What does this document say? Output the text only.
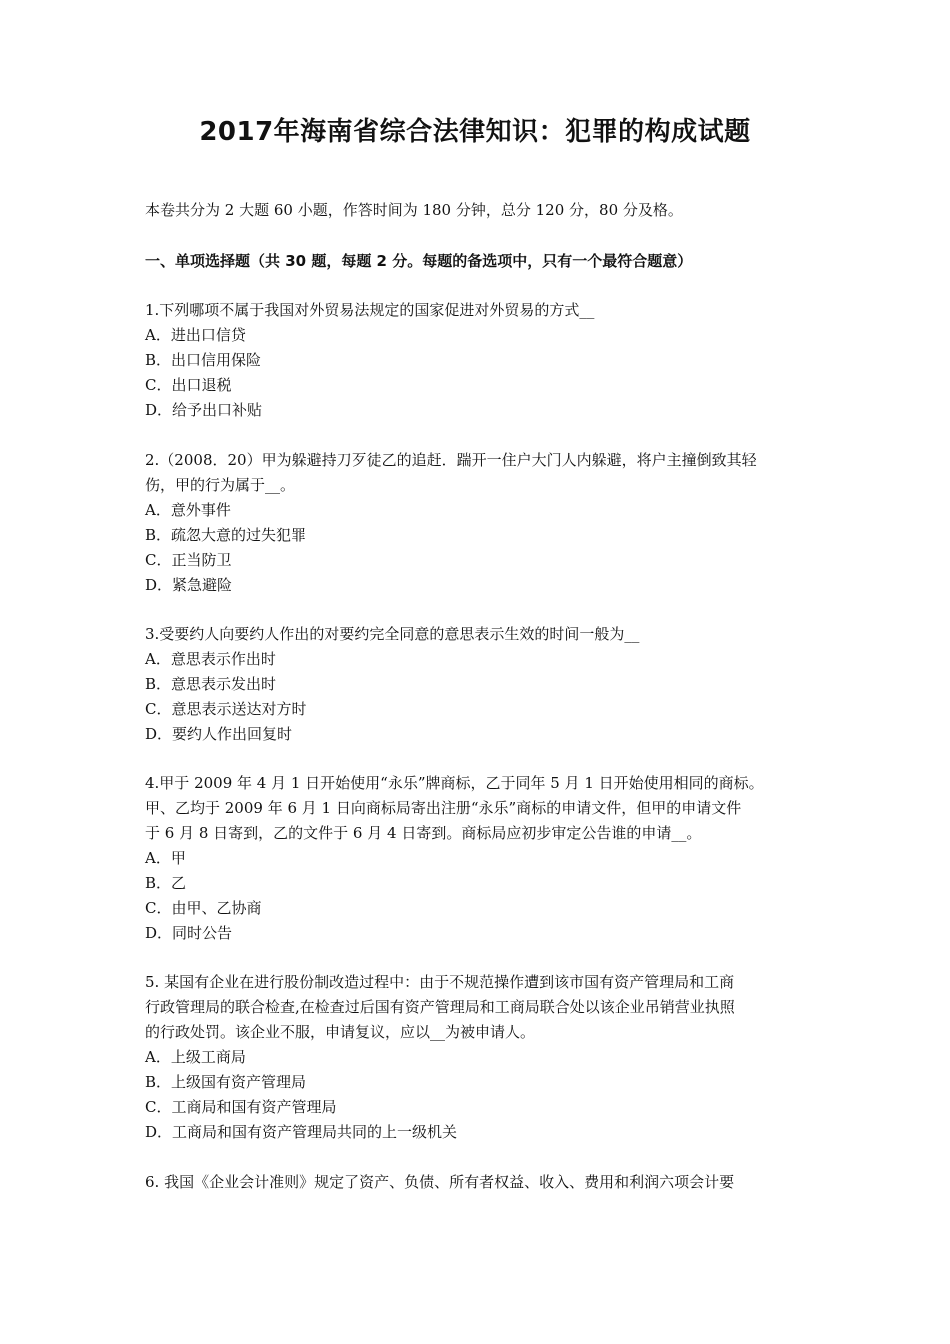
2017年海南省综合法律知识：犯罪的构成试题
本卷共分为 2 大题 60 小题，作答时间为 180 分钟，总分 120 分，80 分及格。
一、单项选择题（共 30 题，每题 2 分。每题的备选项中，只有一个最符合题意）
1.下列哪项不属于我国对外贸易法规定的国家促进对外贸易的方式__
A．进出口信贷
B．出口信用保险
C．出口退税
D．给予出口补贴
2.（2008．20）甲为躲避持刀歹徒乙的追赶．踹开一住户大门人内躲避，将户主撞倒致其轻
伤，甲的行为属于__。
A．意外事件
B．疏忽大意的过失犯罪
C．正当防卫
D．紧急避险
3.受要约人向要约人作出的对要约完全同意的意思表示生效的时间一般为__
A．意思表示作出时
B．意思表示发出时
C．意思表示送达对方时
D．要约人作出回复时
4.甲于 2009 年 4 月 1 日开始使用“永乐”牌商标，乙于同年 5 月 1 日开始使用相同的商标。
甲、乙均于 2009 年 6 月 1 日向商标局寄出注册“永乐”商标的申请文件，但甲的申请文件
于 6 月 8 日寄到，乙的文件于 6 月 4 日寄到。商标局应初步审定公告谁的申请__。
A．甲
B．乙
C．由甲、乙协商
D．同时公告
5. 某国有企业在进行股份制改造过程中：由于不规范操作遭到该市国有资产管理局和工商
行政管理局的联合检查,在检查过后国有资产管理局和工商局联合处以该企业吊销营业执照
的行政处罚。该企业不服，申请复议，应以__为被申请人。
A．上级工商局
B．上级国有资产管理局
C．工商局和国有资产管理局
D．工商局和国有资产管理局共同的上一级机关
6. 我国《企业会计准则》规定了资产、负债、所有者权益、收入、费用和利润六项会计要
